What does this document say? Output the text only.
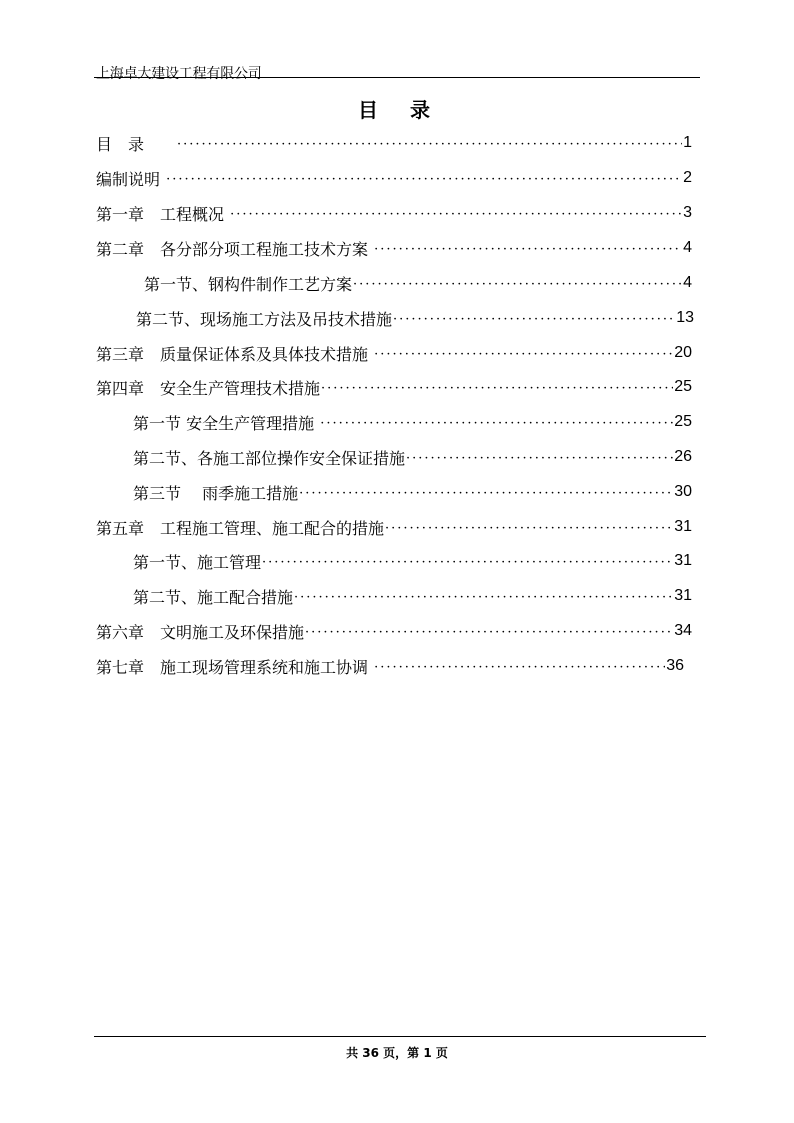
上海卓大建设工程有限公司
目　录
目　录　　 ·····	1
编制说明 ·····	2
第一章　工程概况 ·····	3
第二章　各分部分项工程施工技术方案 ·····	4
第一节、钢构件制作工艺方案 ·····	4
第二节、现场施工方法及吊技术措施 ·····	13
第三章　质量保证体系及具体技术措施 ·····	20
第四章　安全生产管理技术措施 ·····	25
第一节 安全生产管理措施 ·····	25
第二节、各施工部位操作安全保证措施 ·····	26
第三节　 雨季施工措施 ·····	30
第五章　工程施工管理、施工配合的措施 ·····	31
第一节、施工管理 ·····	31
第二节、施工配合措施 ·····	31
第六章　文明施工及环保措施 ·····	34
第七章　施工现场管理系统和施工协调 ·····	36
共 36 页，第 1 页
